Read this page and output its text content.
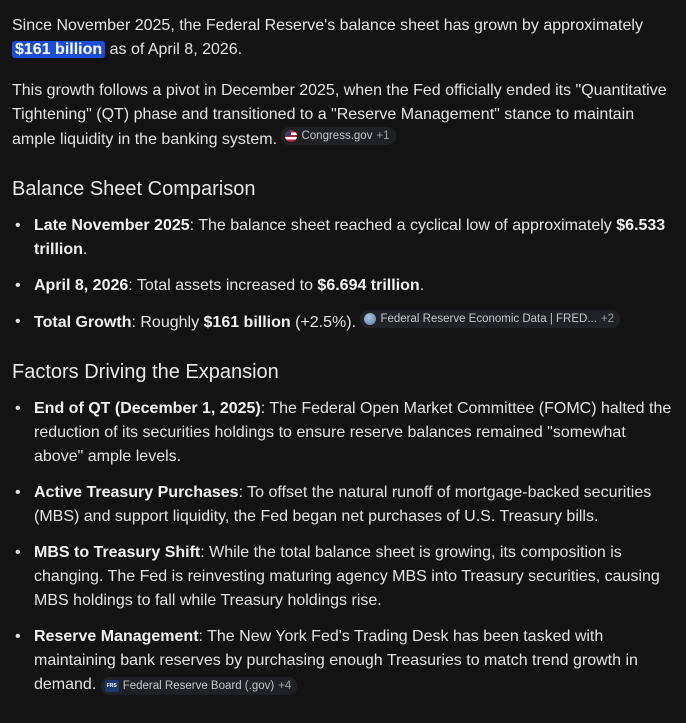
Since November 2025, the Federal Reserve's balance sheet has grown by approximately $161 billion as of April 8, 2026.

This growth follows a pivot in December 2025, when the Fed officially ended its "Quantitative Tightening" (QT) phase and transitioned to a "Reserve Management" stance to maintain ample liquidity in the banking system. Congress.gov +1

Balance Sheet Comparison
• Late November 2025: The balance sheet reached a cyclical low of approximately $6.533 trillion.
• April 8, 2026: Total assets increased to $6.694 trillion.
• Total Growth: Roughly $161 billion (+2.5%). Federal Reserve Economic Data | FRED... +2
Factors Driving the Expansion
• End of QT (December 1, 2025): The Federal Open Market Committee (FOMC) halted the reduction of its securities holdings to ensure reserve balances remained "somewhat above" ample levels.
• Active Treasury Purchases: To offset the natural runoff of mortgage-backed securities (MBS) and support liquidity, the Fed began net purchases of U.S. Treasury bills.
• MBS to Treasury Shift: While the total balance sheet is growing, its composition is changing. The Fed is reinvesting maturing agency MBS into Treasury securities, causing MBS holdings to fall while Treasury holdings rise.
• Reserve Management: The New York Fed's Trading Desk has been tasked with maintaining bank reserves by purchasing enough Treasuries to match trend growth in demand.	FRS Federal Reserve Board (.gov) +4
